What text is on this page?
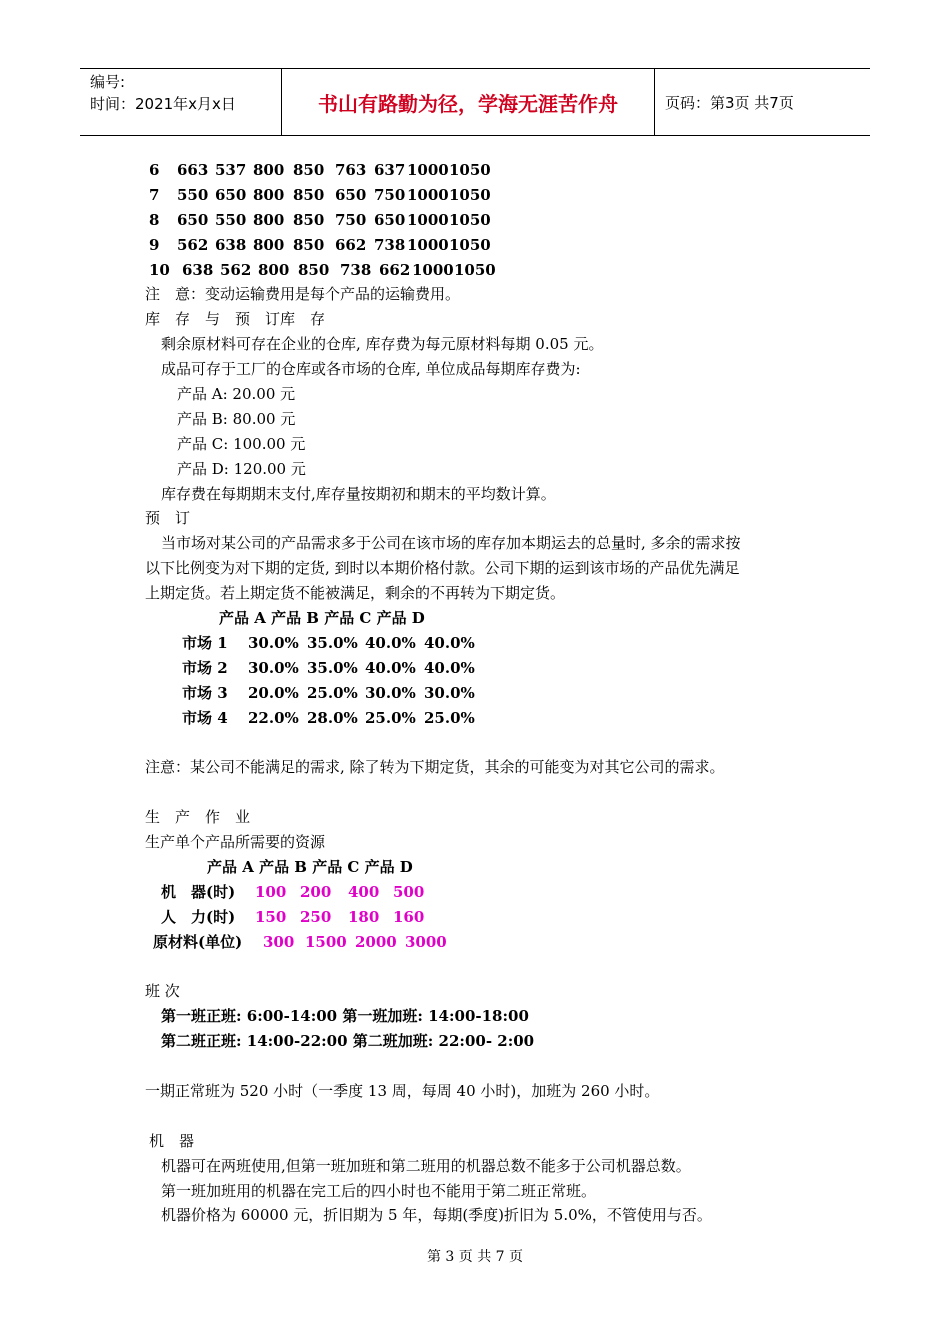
编号:
时间：2021年x月x日	书山有路勤为径，学海无涯苦作舟	页码：第3页 共7页
6 663 537 800 850 763 637 1000 1050
7 550 650 800 850 650 750 1000 1050
8 650 550 800 850 750 650 1000 1050
9 562 638 800 850 662 738 1000 1050
10 638 562 800 850 738 662 1000 1050
注　意：变动运输费用是每个产品的运输费用。
库　存　与　预　订库　存
剩余原材料可存在企业的仓库, 库存费为每元原材料每期 0.05 元。
成品可存于工厂的仓库或各市场的仓库, 单位成品每期库存费为:
产品 A: 20.00 元
产品 B: 80.00 元
产品 C: 100.00 元
产品 D: 120.00 元
库存费在每期期末支付,库存量按期初和期末的平均数计算。
预　订
当市场对某公司的产品需求多于公司在该市场的库存加本期运去的总量时, 多余的需求按
以下比例变为对下期的定货, 到时以本期价格付款。公司下期的运到该市场的产品优先满足
上期定货。若上期定货不能被满足，剩余的不再转为下期定货。
产品 A 产品 B 产品 C 产品 D
市场 1 30.0% 35.0% 40.0% 40.0%
市场 2 30.0% 35.0% 40.0% 40.0%
市场 3 20.0% 25.0% 30.0% 30.0%
市场 4 22.0% 28.0% 25.0% 25.0%
注意：某公司不能满足的需求, 除了转为下期定货，其余的可能变为对其它公司的需求。
生　产　作　业
生产单个产品所需要的资源
产品 A 产品 B 产品 C 产品 D
机　器(时) 100 200 400 500
人　力(时) 150 250 180 160
原材料(单位) 300 1500 2000 3000
班 次
第一班正班: 6:00-14:00 第一班加班: 14:00-18:00
第二班正班: 14:00-22:00 第二班加班: 22:00- 2:00
一期正常班为 520 小时（一季度 13 周，每周 40 小时)，加班为 260 小时。
机　器
机器可在两班使用,但第一班加班和第二班用的机器总数不能多于公司机器总数。
第一班加班用的机器在完工后的四小时也不能用于第二班正常班。
机器价格为 60000 元，折旧期为 5 年，每期(季度)折旧为 5.0%，不管使用与否。
第 3 页 共 7 页
